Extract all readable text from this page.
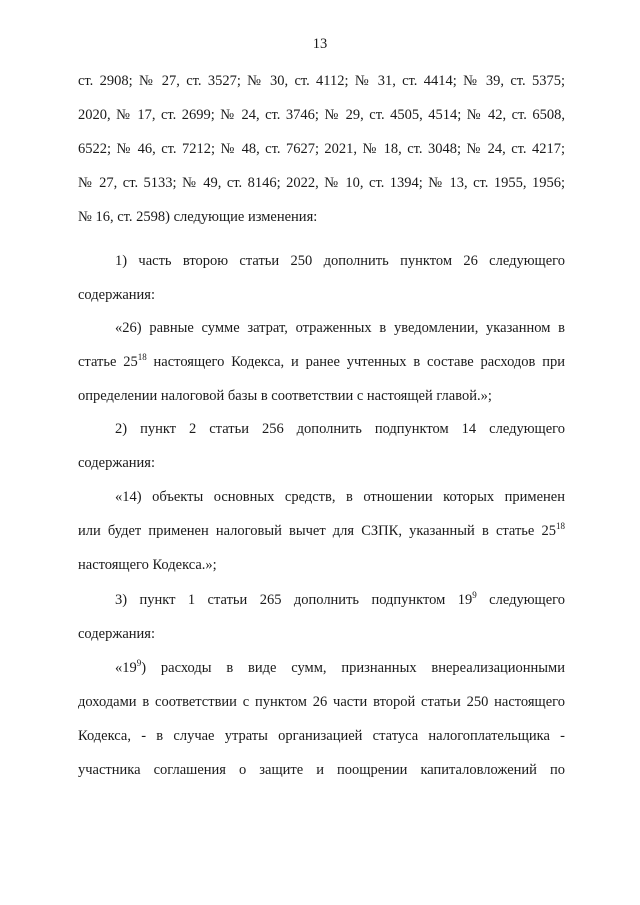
13
ст. 2908; № 27, ст. 3527; № 30, ст. 4112; № 31, ст. 4414; № 39, ст. 5375;
2020, № 17, ст. 2699; № 24, ст. 3746; № 29, ст. 4505, 4514; № 42, ст. 6508,
6522; № 46, ст. 7212; № 48, ст. 7627; 2021, № 18, ст. 3048; № 24, ст. 4217;
№ 27, ст. 5133; № 49, ст. 8146; 2022, № 10, ст. 1394; № 13, ст. 1955, 1956;
№ 16, ст. 2598) следующие изменения:
1) часть второю статьи 250 дополнить пунктом 26 следующего
содержания:
«26) равные сумме затрат, отраженных в уведомлении, указанном в
статье $25^{18}$ настоящего Кодекса, и ранее учтенных в составе расходов при
определении налоговой базы в соответствии с настоящей главой.»;
2) пункт 2 статьи 256 дополнить подпунктом 14 следующего
содержания:
«14) объекты основных средств, в отношении которых применен
или будет применен налоговый вычет для СЗПК, указанный в статье $25^{18}$
настоящего Кодекса.»;
3) пункт 1 статьи 265 дополнить подпунктом $19^9$ следующего
содержания:
«$19^9$) расходы в виде сумм, признанных внереализационными
доходами в соответствии с пунктом 26 части второй статьи 250 настоящего
Кодекса, - в случае утраты организацией статуса налогоплательщика -
участника соглашения о защите и поощрении капиталовложений по
